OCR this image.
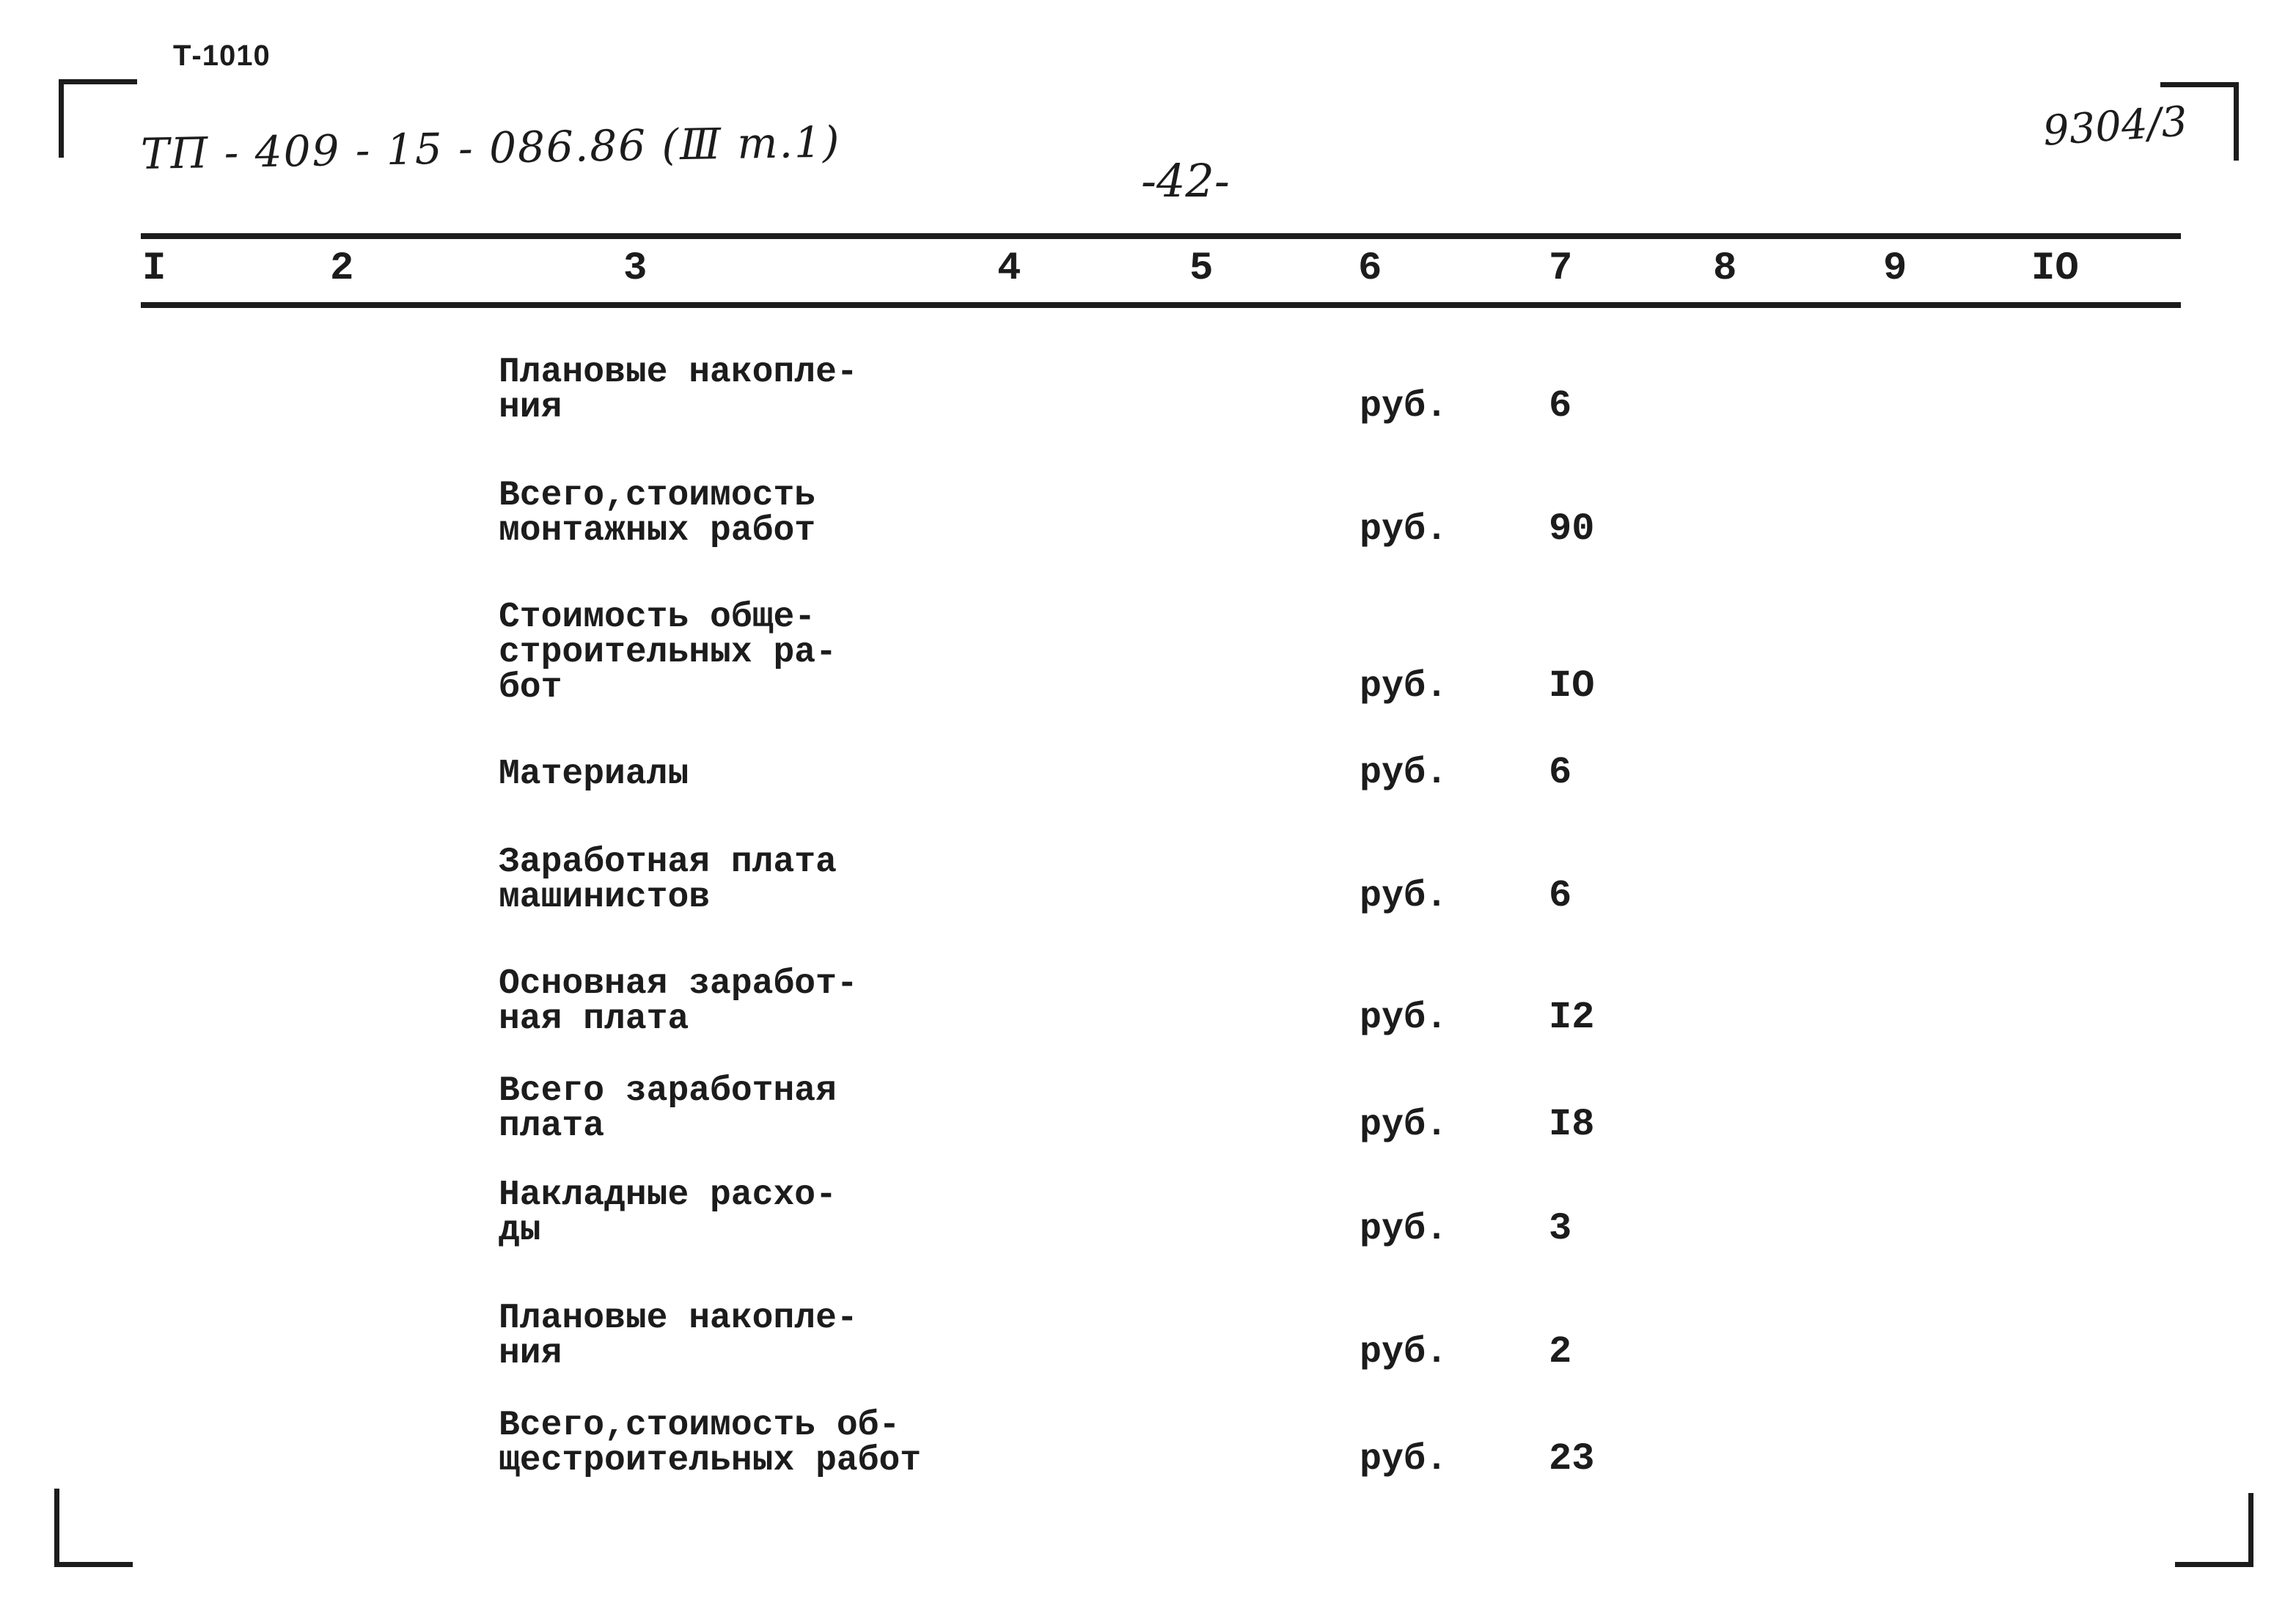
Т-1010
ТП - 409 - 15 - 086.86 (Ⅲ т.1)
-42-
9304/3
I	2	3	4	5	6	7	8	9	IO
Плановые накопле-
ния	руб.	6
Всего,стоимость
монтажных работ	руб.	90
Стоимость обще-
строительных ра-
бот	руб.	IO
Материалы	руб.	6
Заработная плата
машинистов	руб.	6
Основная заработ-
ная плата	руб.	I2
Всего заработная
плата	руб.	I8
Накладные расхо-
ды	руб.	3
Плановые накопле-
ния	руб.	2
Всего,стоимость об-
щестроительных работ	руб.	23
